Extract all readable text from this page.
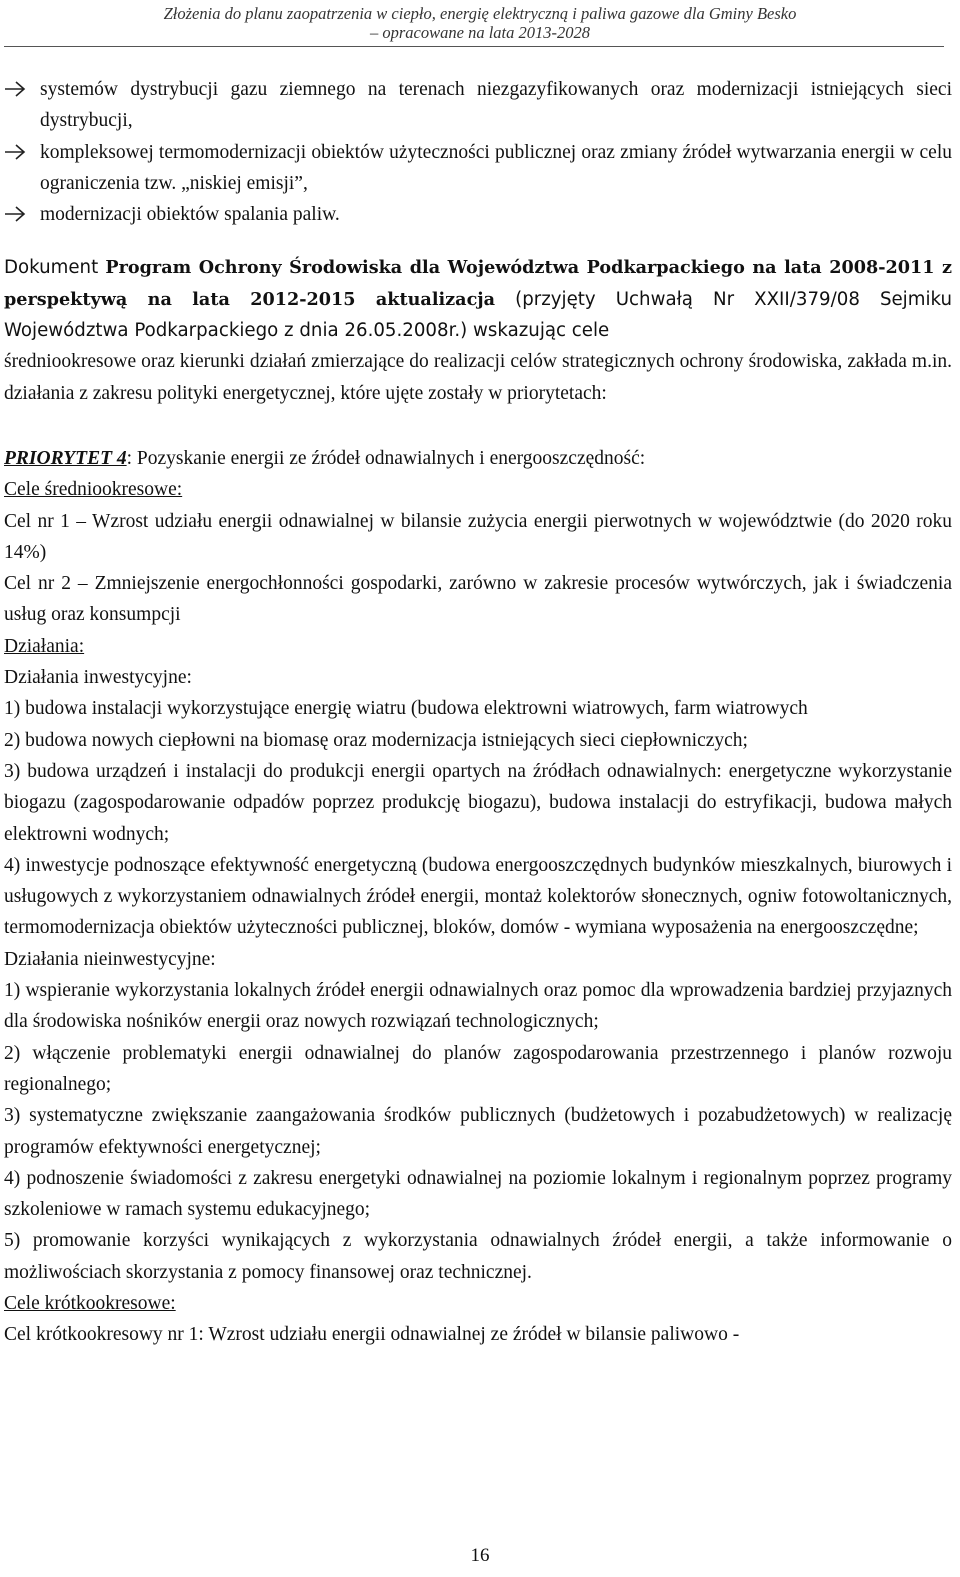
Złożenia do planu zaopatrzenia w ciepło, energię elektryczną i paliwa gazowe dla Gminy Besko
– opracowane na lata 2013-2028
systemów dystrybucji gazu ziemnego na terenach niezgazyfikowanych oraz modernizacji istniejących sieci dystrybucji,
kompleksowej termomodernizacji obiektów użyteczności publicznej oraz zmiany źródeł wytwarzania energii w celu ograniczenia tzw. „niskiej emisji”,
modernizacji obiektów spalania paliw.

Dokument Program Ochrony Środowiska dla Województwa Podkarpackiego na lata 2008-2011 z perspektywą na lata 2012-2015 aktualizacja (przyjęty Uchwałą Nr XXII/379/08 Sejmiku Województwa Podkarpackiego z dnia 26.05.2008r.) wskazując cele

średniookresowe oraz kierunki działań zmierzające do realizacji celów strategicznych ochrony środowiska, zakłada m.in. działania z zakresu polityki energetycznej, które ujęte zostały w priorytetach:

PRIORYTET 4: Pozyskanie energii ze źródeł odnawialnych i energooszczędność:

Cele średniookresowe:

Cel nr 1 – Wzrost udziału energii odnawialnej w bilansie zużycia energii pierwotnych w województwie (do 2020 roku 14%)

Cel nr 2 – Zmniejszenie energochłonności gospodarki, zarówno w zakresie procesów wytwórczych, jak i świadczenia usług oraz konsumpcji

Działania:

Działania inwestycyjne:

1) budowa instalacji wykorzystujące energię wiatru (budowa elektrowni wiatrowych, farm wiatrowych

2) budowa nowych ciepłowni na biomasę oraz modernizacja istniejących sieci ciepłowniczych;

3) budowa urządzeń i instalacji do produkcji energii opartych na źródłach odnawialnych: energetyczne wykorzystanie biogazu (zagospodarowanie odpadów poprzez produkcję biogazu), budowa instalacji do estryfikacji, budowa małych elektrowni wodnych;

4) inwestycje podnoszące efektywność energetyczną (budowa energooszczędnych budynków mieszkalnych, biurowych i usługowych z wykorzystaniem odnawialnych źródeł energii, montaż kolektorów słonecznych, ogniw fotowoltanicznych, termomodernizacja obiektów użyteczności publicznej, bloków, domów - wymiana wyposażenia na energooszczędne;

Działania nieinwestycyjne:

1) wspieranie wykorzystania lokalnych źródeł energii odnawialnych oraz pomoc dla wprowadzenia bardziej przyjaznych dla środowiska nośników energii oraz nowych rozwiązań technologicznych;

2) włączenie problematyki energii odnawialnej do planów zagospodarowania przestrzennego i planów rozwoju regionalnego;

3) systematyczne zwiększanie zaangażowania środków publicznych (budżetowych i pozabudżetowych) w realizację programów efektywności energetycznej;

4) podnoszenie świadomości z zakresu energetyki odnawialnej na poziomie lokalnym i regionalnym poprzez programy szkoleniowe w ramach systemu edukacyjnego;

5) promowanie korzyści wynikających z wykorzystania odnawialnych źródeł energii, a także informowanie o możliwościach skorzystania z pomocy finansowej oraz technicznej.

Cele krótkookresowe:

Cel krótkookresowy nr 1: Wzrost udziału energii odnawialnej ze źródeł w bilansie paliwowo -

16
